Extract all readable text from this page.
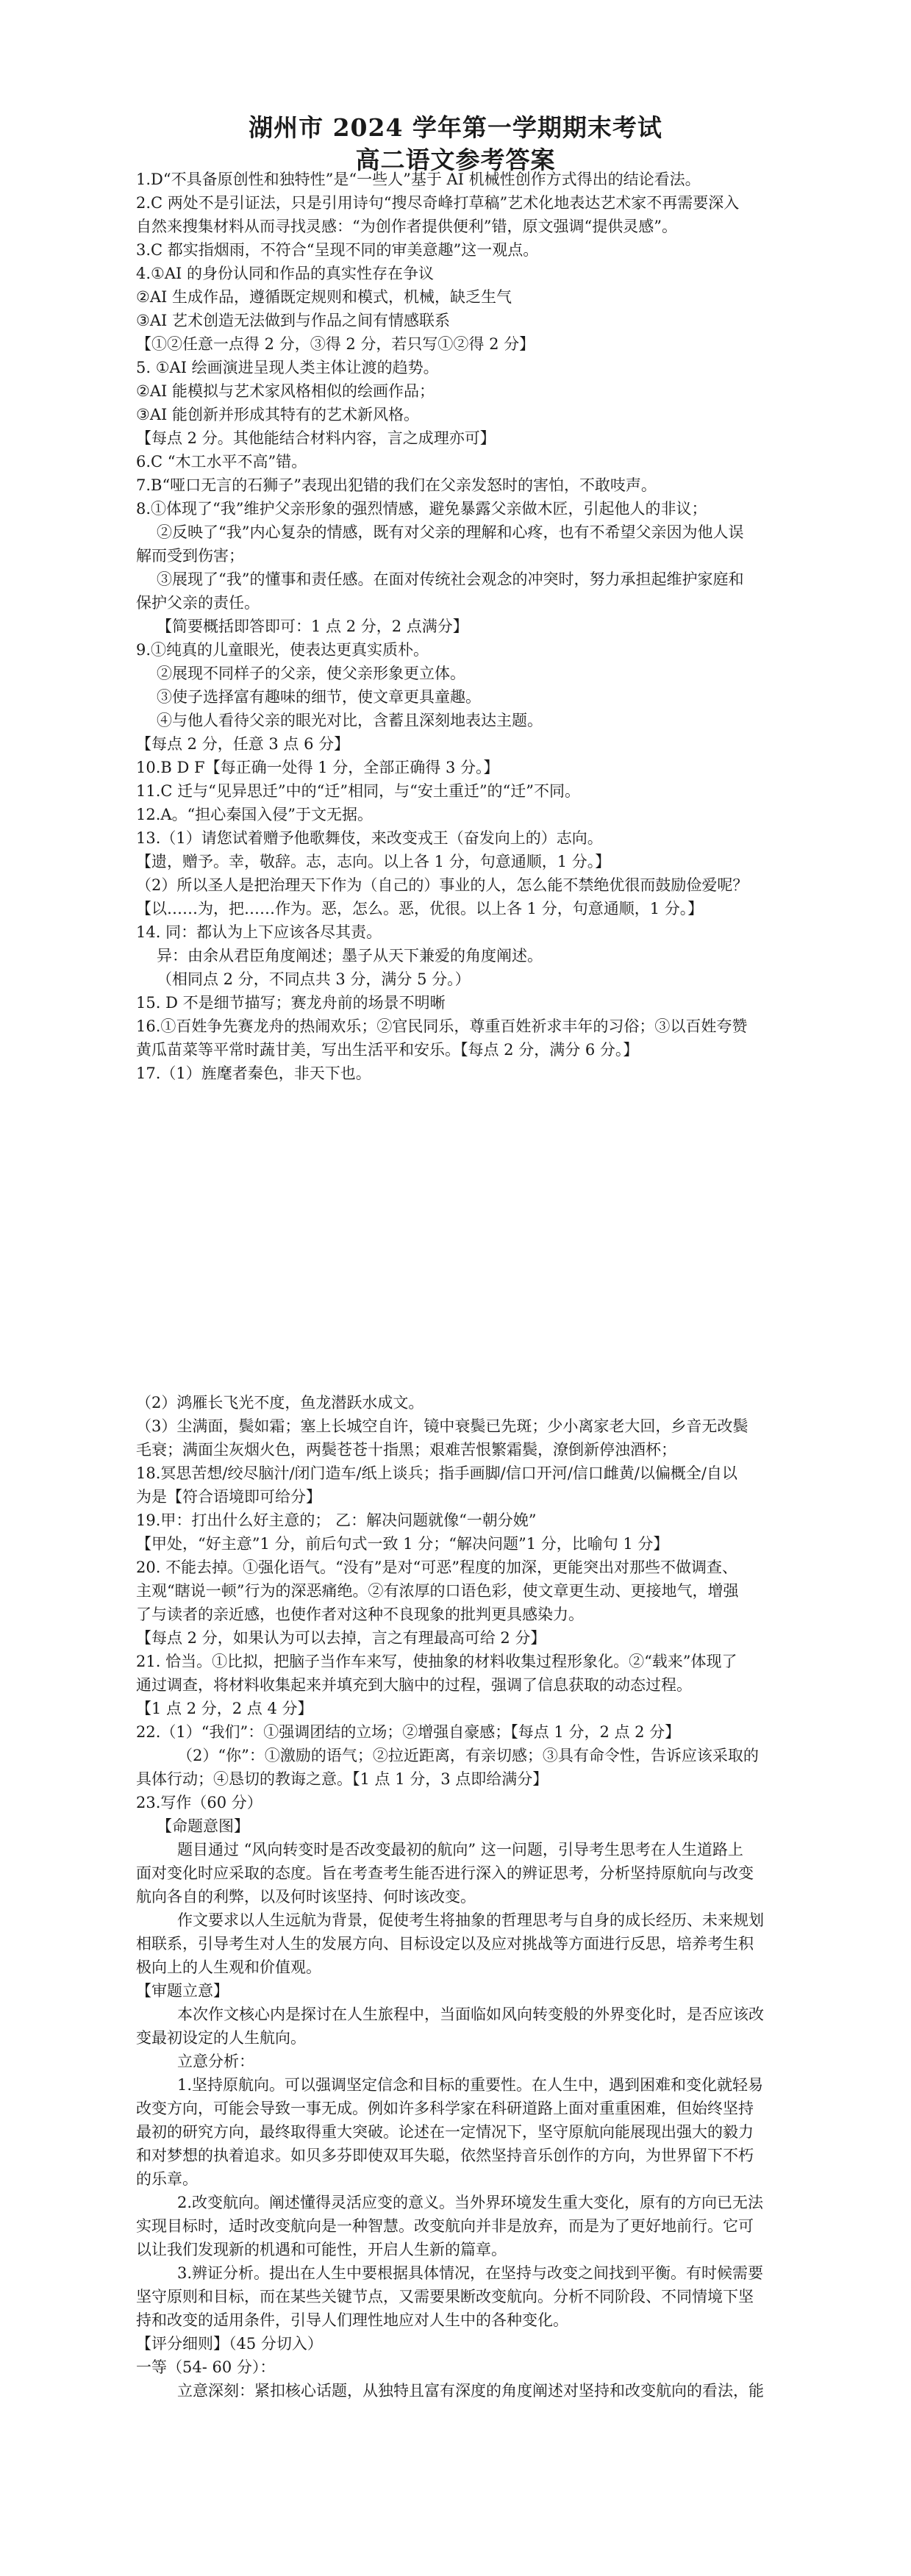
湖州市 2024 学年第一学期期末考试
高二语文参考答案
1.D“不具备原创性和独特性”是“一些人”基于 AI 机械性创作方式得出的结论看法。
2.C 两处不是引证法，只是引用诗句“搜尽奇峰打草稿”艺术化地表达艺术家不再需要深入
自然来搜集材料从而寻找灵感：“为创作者提供便利”错，原文强调“提供灵感”。
3.C 都实指烟雨，不符合“呈现不同的审美意趣”这一观点。
4.①AI 的身份认同和作品的真实性存在争议
②AI 生成作品，遵循既定规则和模式，机械，缺乏生气
③AI 艺术创造无法做到与作品之间有情感联系
【①②任意一点得 2 分，③得 2 分，若只写①②得 2 分】
5. ①AI 绘画演进呈现人类主体让渡的趋势。
②AI 能模拟与艺术家风格相似的绘画作品；
③AI 能创新并形成其特有的艺术新风格。
【每点 2 分。其他能结合材料内容，言之成理亦可】
6.C “木工水平不高”错。
7.B“哑口无言的石狮子”表现出犯错的我们在父亲发怒时的害怕，不敢吱声。
8.①体现了“我”维护父亲形象的强烈情感，避免暴露父亲做木匠，引起他人的非议；
②反映了“我”内心复杂的情感，既有对父亲的理解和心疼，也有不希望父亲因为他人误
解而受到伤害；
③展现了“我”的懂事和责任感。在面对传统社会观念的冲突时，努力承担起维护家庭和
保护父亲的责任。
【简要概括即答即可：1 点 2 分，2 点满分】
9.①纯真的儿童眼光，使表达更真实质朴。
②展现不同样子的父亲，使父亲形象更立体。
③使子选择富有趣味的细节，使文章更具童趣。
④与他人看待父亲的眼光对比，含蓄且深刻地表达主题。
【每点 2 分，任意 3 点 6 分】
10.B D F【每正确一处得 1 分，全部正确得 3 分。】
11.C 迁与“见异思迁”中的“迁”相同，与“安土重迁”的“迁”不同。
12.A。“担心秦国入侵”于文无据。
13.（1）请您试着赠予他歌舞伎，来改变戎王（奋发向上的）志向。
【遗，赠予。幸，敬辞。志，志向。以上各 1 分，句意通顺，1 分。】
（2）所以圣人是把治理天下作为（自己的）事业的人，怎么能不禁绝优很而鼓励俭爱呢？
【以……为，把……作为。恶，怎么。恶，优很。以上各 1 分，句意通顺，1 分。】
14. 同：都认为上下应该各尽其责。
异：由余从君臣角度阐述；墨子从天下兼爱的角度阐述。
（相同点 2 分，不同点共 3 分，满分 5 分。）
15. D 不是细节描写；赛龙舟前的场景不明晰
16.①百姓争先赛龙舟的热闹欢乐；②官民同乐，尊重百姓祈求丰年的习俗；③以百姓夸赞
黄瓜苗菜等平常时蔬甘美，写出生活平和安乐。【每点 2 分，满分 6 分。】
17.（1）旌麾者秦色，非天下也。
（2）鸿雁长飞光不度，鱼龙潜跃水成文。
（3）尘满面，鬓如霜；塞上长城空自许，镜中衰鬓已先斑；少小离家老大回，乡音无改鬓
毛衰；满面尘灰烟火色，两鬓苍苍十指黑；艰难苦恨繁霜鬓，潦倒新停浊酒杯；
18.冥思苦想/绞尽脑汁/闭门造车/纸上谈兵；指手画脚/信口开河/信口雌黄/以偏概全/自以
为是【符合语境即可给分】
19.甲：打出什么好主意的； 乙：解决问题就像“一朝分娩”
【甲处，“好主意”1 分，前后句式一致 1 分；“解决问题”1 分，比喻句 1 分】
20. 不能去掉。①强化语气。“没有”是对“可恶”程度的加深，更能突出对那些不做调查、
主观“瞎说一顿”行为的深恶痛绝。②有浓厚的口语色彩，使文章更生动、更接地气，增强
了与读者的亲近感，也使作者对这种不良现象的批判更具感染力。
【每点 2 分，如果认为可以去掉，言之有理最高可给 2 分】
21. 恰当。①比拟，把脑子当作车来写，使抽象的材料收集过程形象化。②“载来”体现了
通过调查，将材料收集起来并填充到大脑中的过程，强调了信息获取的动态过程。
【1 点 2 分，2 点 4 分】
22.（1）“我们”：①强调团结的立场；②增强自豪感；【每点 1 分，2 点 2 分】
（2）“你”：①激励的语气；②拉近距离，有亲切感；③具有命令性，告诉应该采取的
具体行动；④恳切的教诲之意。【1 点 1 分，3 点即给满分】
23.写作（60 分）
【命题意图】
题目通过 “风向转变时是否改变最初的航向” 这一问题，引导考生思考在人生道路上
面对变化时应采取的态度。旨在考查考生能否进行深入的辨证思考，分析坚持原航向与改变
航向各自的利弊，以及何时该坚持、何时该改变。
作文要求以人生远航为背景，促使考生将抽象的哲理思考与自身的成长经历、未来规划
相联系，引导考生对人生的发展方向、目标设定以及应对挑战等方面进行反思，培养考生积
极向上的人生观和价值观。
【审题立意】
本次作文核心内是探讨在人生旅程中，当面临如风向转变般的外界变化时，是否应该改
变最初设定的人生航向。
立意分析：
1.坚持原航向。可以强调坚定信念和目标的重要性。在人生中，遇到困难和变化就轻易
改变方向，可能会导致一事无成。例如许多科学家在科研道路上面对重重困难，但始终坚持
最初的研究方向，最终取得重大突破。论述在一定情况下，坚守原航向能展现出强大的毅力
和对梦想的执着追求。如贝多芬即使双耳失聪，依然坚持音乐创作的方向，为世界留下不朽
的乐章。
2.改变航向。阐述懂得灵活应变的意义。当外界环境发生重大变化，原有的方向已无法
实现目标时，适时改变航向是一种智慧。改变航向并非是放弃，而是为了更好地前行。它可
以让我们发现新的机遇和可能性，开启人生新的篇章。
3.辨证分析。提出在人生中要根据具体情况，在坚持与改变之间找到平衡。有时候需要
坚守原则和目标，而在某些关键节点，又需要果断改变航向。分析不同阶段、不同情境下坚
持和改变的适用条件，引导人们理性地应对人生中的各种变化。
【评分细则】（45 分切入）
一等（54- 60 分）：
立意深刻：紧扣核心话题，从独特且富有深度的角度阐述对坚持和改变航向的看法，能
